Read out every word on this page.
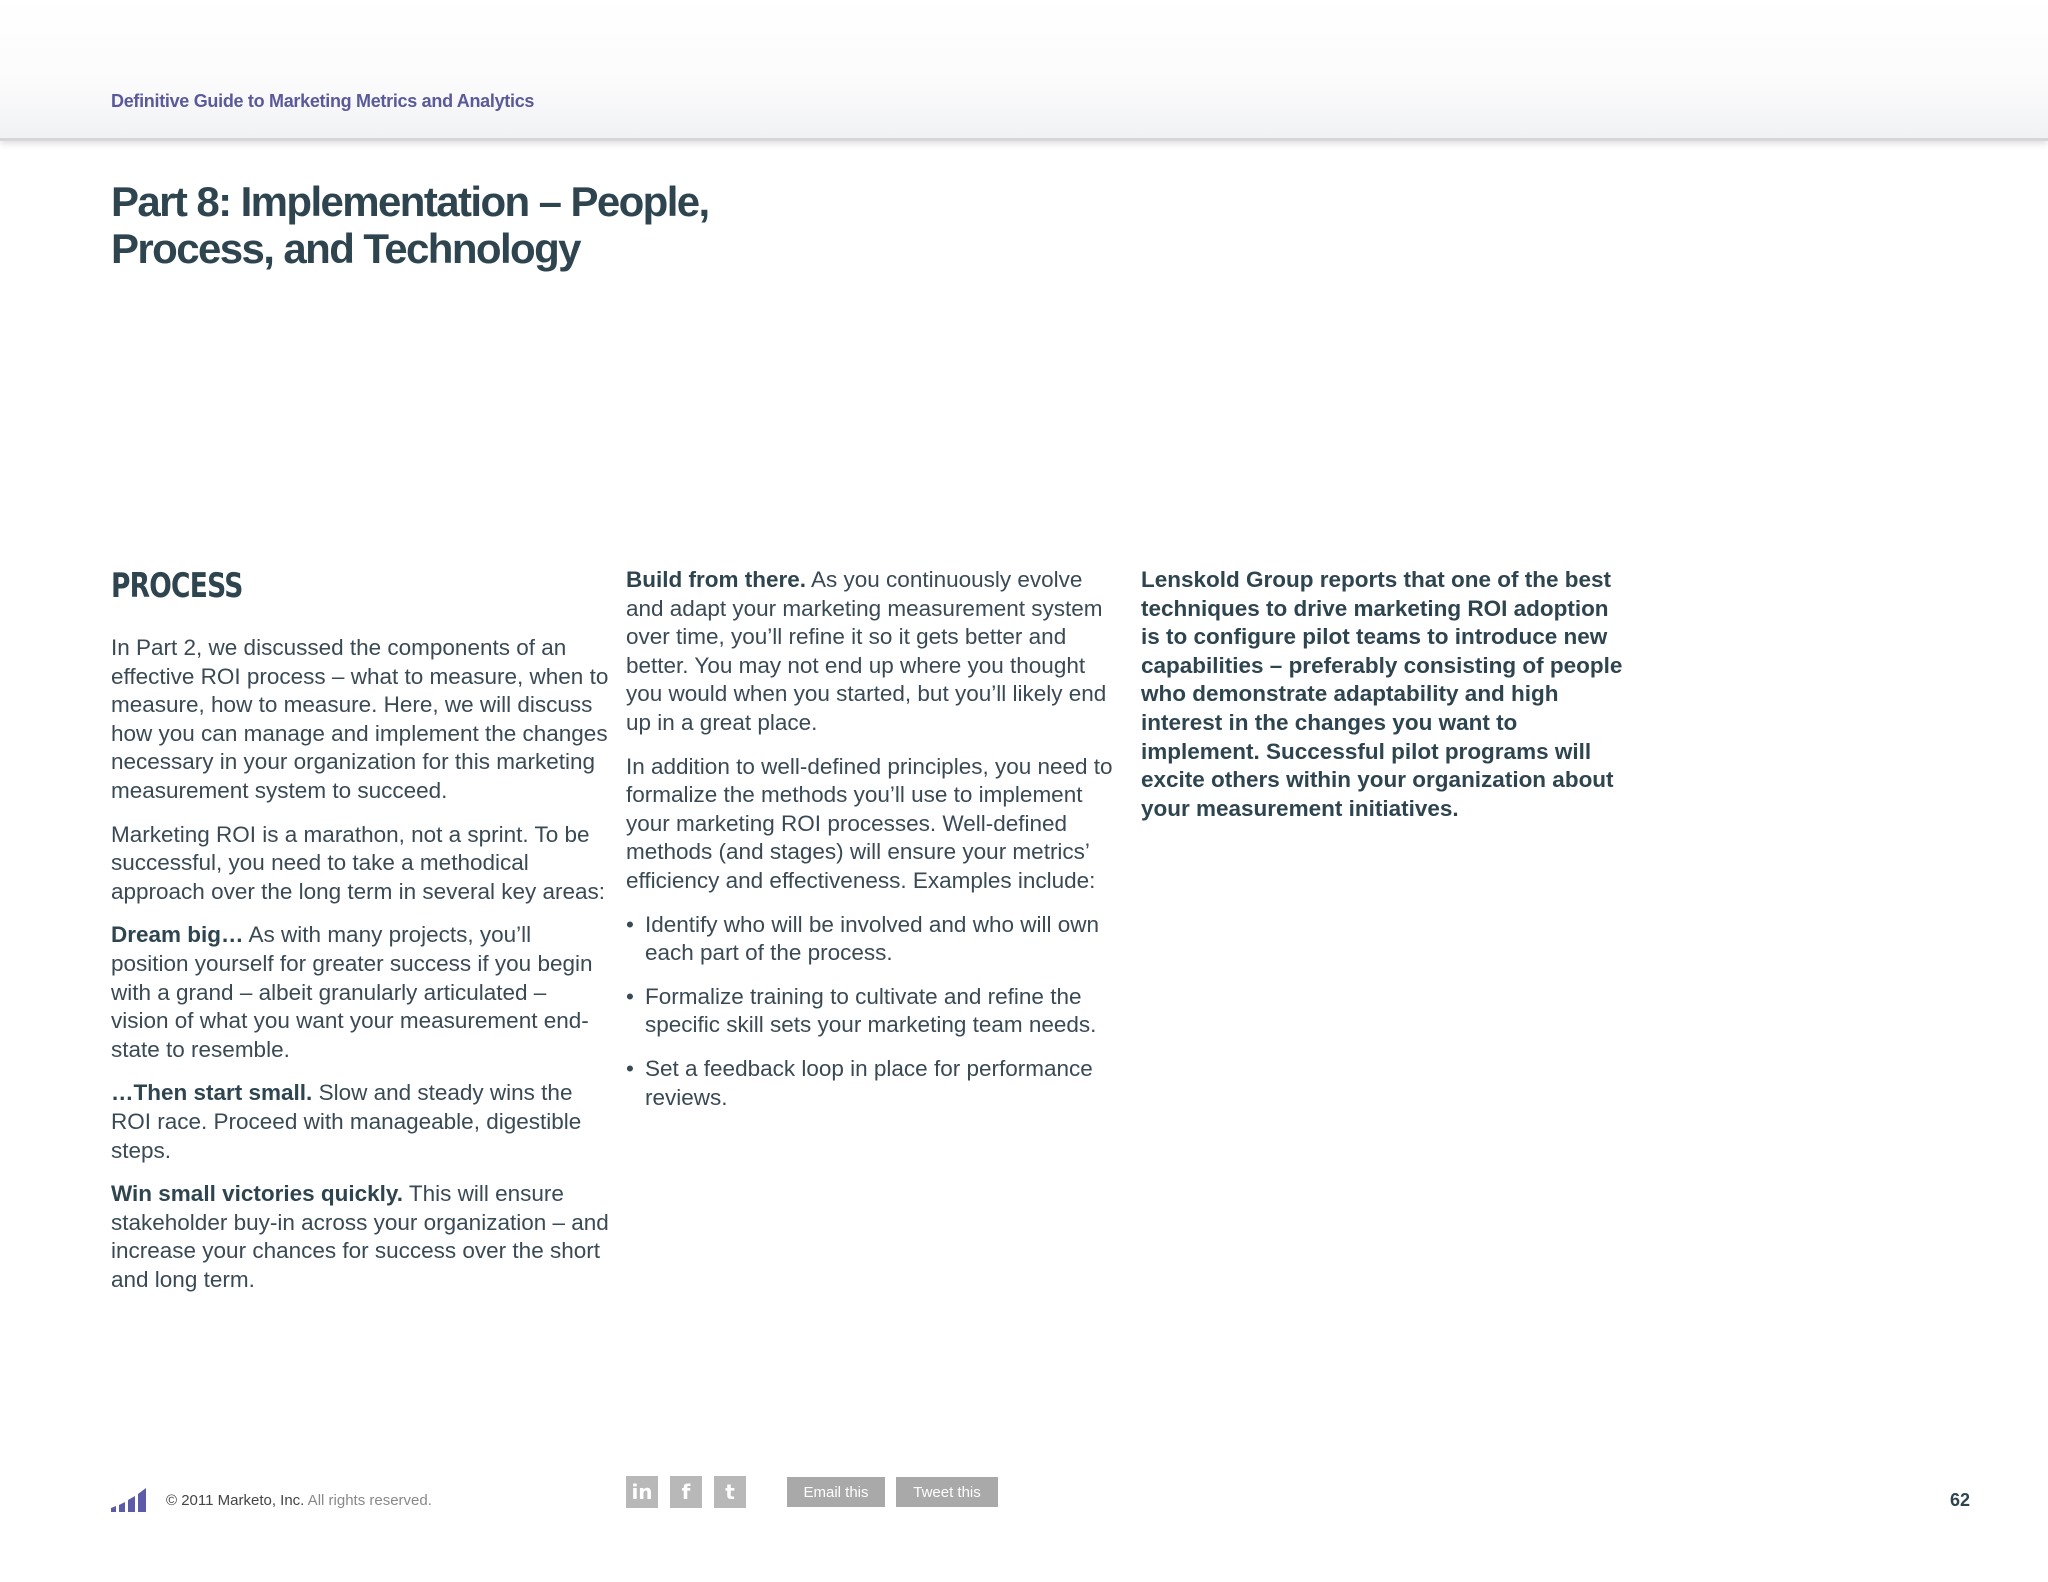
Definitive Guide to Marketing Metrics and Analytics
Part 8: Implementation – People,
Process, and Technology
PROCESS

In Part 2, we discussed the components of an effective ROI process – what to measure, when to measure, how to measure. Here, we will discuss how you can manage and implement the changes necessary in your organization for this marketing measurement system to succeed.

Marketing ROI is a marathon, not a sprint. To be successful, you need to take a methodical approach over the long term in several key areas:

Dream big… As with many projects, you’ll position yourself for greater success if you begin with a grand – albeit granularly articulated – vision of what you want your measurement end-state to resemble.

…Then start small. Slow and steady wins the ROI race. Proceed with manageable, digestible steps.

Win small victories quickly. This will ensure stakeholder buy-in across your organization – and increase your chances for success over the short and long term.

Build from there. As you continuously evolve and adapt your marketing measurement system over time, you’ll refine it so it gets better and better. You may not end up where you thought you would when you started, but you’ll likely end up in a great place.

In addition to well-defined principles, you need to formalize the methods you’ll use to implement your marketing ROI processes. Well-defined methods (and stages) will ensure your metrics’ efficiency and effectiveness. Examples include:

• Identify who will be involved and who will own each part of the process.
• Formalize training to cultivate and refine the specific skill sets your marketing team needs.
• Set a feedback loop in place for performance reviews.

Lenskold Group reports that one of the best techniques to drive marketing ROI adoption is to configure pilot teams to introduce new capabilities – preferably consisting of people who demonstrate adaptability and high interest in the changes you want to implement. Successful pilot programs will excite others within your organization about your measurement initiatives.

© 2011 Marketo, Inc. All rights reserved.	in f t	Email this	Tweet this	62
